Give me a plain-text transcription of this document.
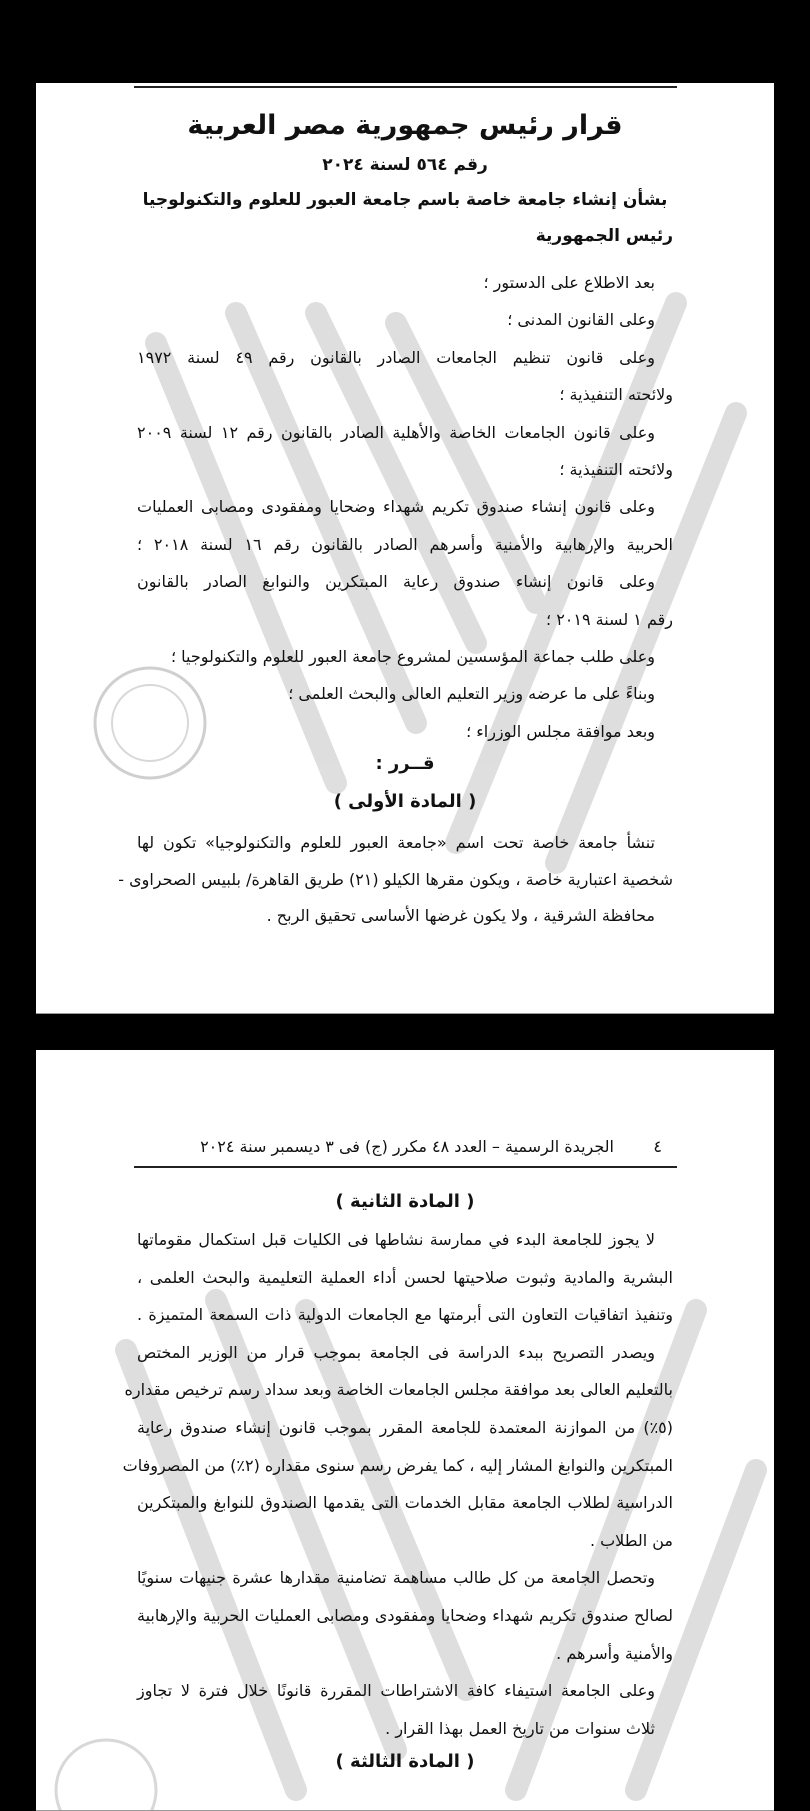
قرار رئيس جمهورية مصر العربية
رقم ٥٦٤ لسنة ٢٠٢٤
بشأن إنشاء جامعة خاصة باسم جامعة العبور للعلوم والتكنولوجيا
رئيس الجمهورية
بعد الاطلاع على الدستور ؛
وعلى القانون المدنى ؛
وعلى قانون تنظيم الجامعات الصادر بالقانون رقم ٤٩ لسنة ١٩٧٢
ولائحته التنفيذية ؛
وعلى قانون الجامعات الخاصة والأهلية الصادر بالقانون رقم ١٢ لسنة ٢٠٠٩
ولائحته التنفيذية ؛
وعلى قانون إنشاء صندوق تكريم شهداء وضحايا ومفقودى ومصابى العمليات
الحربية والإرهابية والأمنية وأسرهم الصادر بالقانون رقم ١٦ لسنة ٢٠١٨ ؛
وعلى قانون إنشاء صندوق رعاية المبتكرين والنوابغ الصادر بالقانون
رقم ١ لسنة ٢٠١٩ ؛
وعلى طلب جماعة المؤسسين لمشروع جامعة العبور للعلوم والتكنولوجيا ؛
وبناءً على ما عرضه وزير التعليم العالى والبحث العلمى ؛
وبعد موافقة مجلس الوزراء ؛
قــرر :
( المادة الأولى )
تنشأ جامعة خاصة تحت اسم «جامعة العبور للعلوم والتكنولوجيا» تكون لها
شخصية اعتبارية خاصة ، ويكون مقرها الكيلو (٢١) طريق القاهرة/ بلبيس الصحراوى -
محافظة الشرقية ، ولا يكون غرضها الأساسى تحقيق الربح .
٤
الجريدة الرسمية – العدد ٤٨ مكرر (ج) فى ٣ ديسمبر سنة ٢٠٢٤
( المادة الثانية )
لا يجوز للجامعة البدء في ممارسة نشاطها فى الكليات قبل استكمال مقوماتها
البشرية والمادية وثبوت صلاحيتها لحسن أداء العملية التعليمية والبحث العلمى ،
وتنفيذ اتفاقيات التعاون التى أبرمتها مع الجامعات الدولية ذات السمعة المتميزة .
ويصدر التصريح ببدء الدراسة فى الجامعة بموجب قرار من الوزير المختص
بالتعليم العالى بعد موافقة مجلس الجامعات الخاصة وبعد سداد رسم ترخيص مقداره
(٥٪) من الموازنة المعتمدة للجامعة المقرر بموجب قانون إنشاء صندوق رعاية
المبتكرين والنوابغ المشار إليه ، كما يفرض رسم سنوى مقداره (٢٪) من المصروفات
الدراسية لطلاب الجامعة مقابل الخدمات التى يقدمها الصندوق للنوابغ والمبتكرين
من الطلاب .
وتحصل الجامعة من كل طالب مساهمة تضامنية مقدارها عشرة جنيهات سنويًا
لصالح صندوق تكريم شهداء وضحايا ومفقودى ومصابى العمليات الحربية والإرهابية
والأمنية وأسرهم .
وعلى الجامعة استيفاء كافة الاشتراطات المقررة قانونًا خلال فترة لا تجاوز
ثلاث سنوات من تاريخ العمل بهذا القرار .
( المادة الثالثة )
